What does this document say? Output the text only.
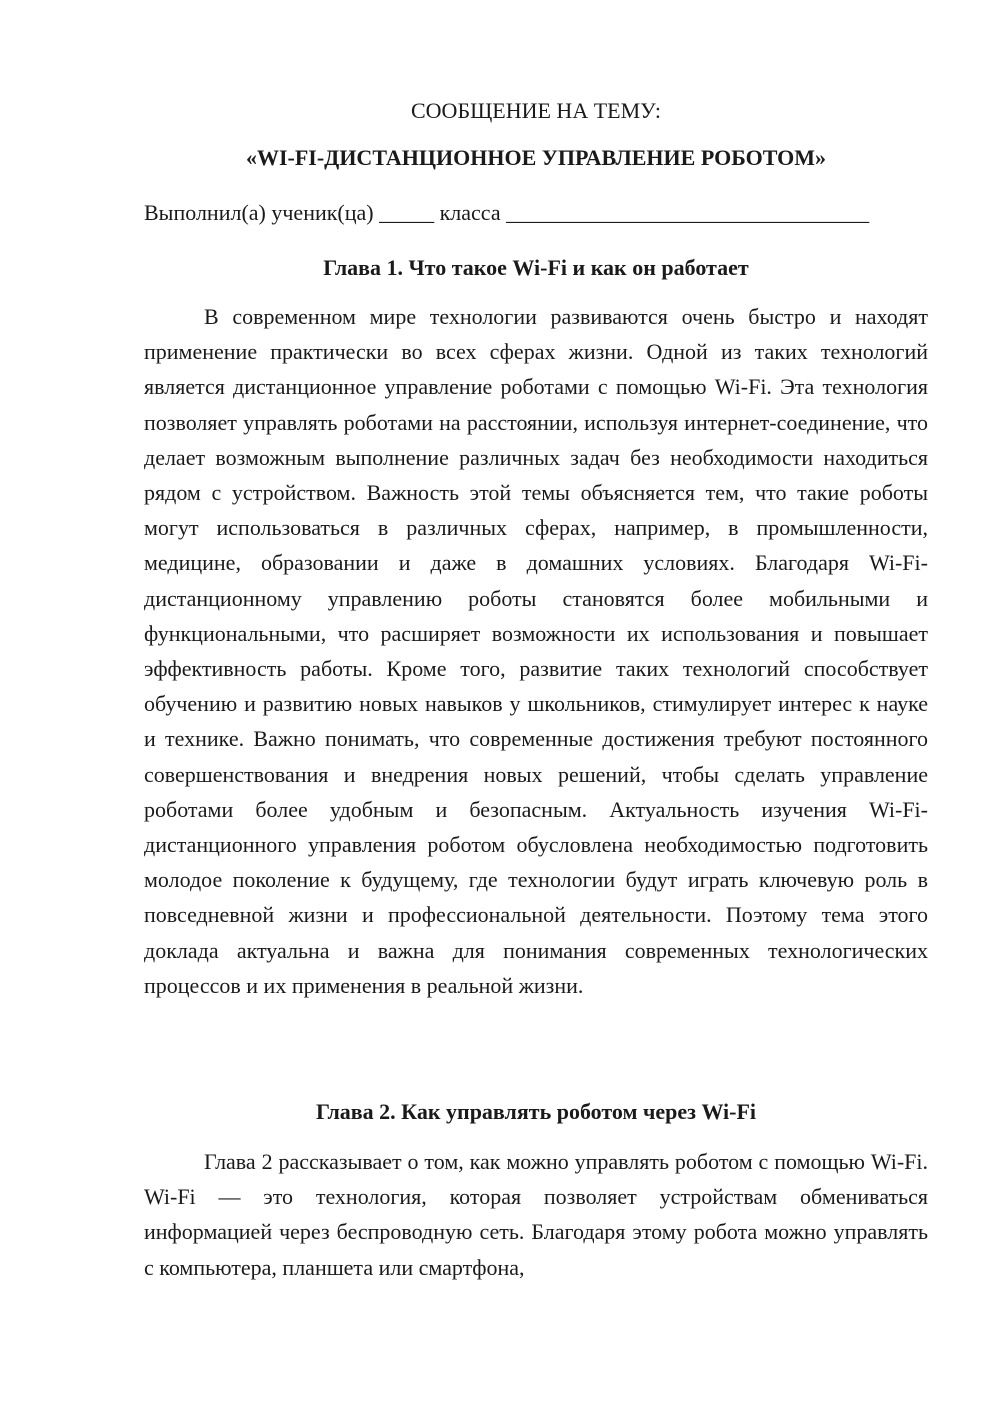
СООБЩЕНИЕ НА ТЕМУ:

«WI-FI-ДИСТАНЦИОННОЕ УПРАВЛЕНИЕ РОБОТОМ»

Выполнил(а) ученик(ца) _____ класса _________________________________

Глава 1. Что такое Wi-Fi и как он работает

В современном мире технологии развиваются очень быстро и находят применение практически во всех сферах жизни. Одной из таких технологий является дистанционное управление роботами с помощью Wi-Fi. Эта технология позволяет управлять роботами на расстоянии, используя интернет-соединение, что делает возможным выполнение различных задач без необходимости находиться рядом с устройством. Важность этой темы объясняется тем, что такие роботы могут использоваться в различных сферах, например, в промышленности, медицине, образовании и даже в домашних условиях. Благодаря Wi-Fi-дистанционному управлению роботы становятся более мобильными и функциональными, что расширяет возможности их использования и повышает эффективность работы. Кроме того, развитие таких технологий способствует обучению и развитию новых навыков у школьников, стимулирует интерес к науке и технике. Важно понимать, что современные достижения требуют постоянного совершенствования и внедрения новых решений, чтобы сделать управление роботами более удобным и безопасным. Актуальность изучения Wi-Fi-дистанционного управления роботом обусловлена необходимостью подготовить молодое поколение к будущему, где технологии будут играть ключевую роль в повседневной жизни и профессиональной деятельности. Поэтому тема этого доклада актуальна и важна для понимания современных технологических процессов и их применения в реальной жизни.

Глава 2. Как управлять роботом через Wi-Fi

Глава 2 рассказывает о том, как можно управлять роботом с помощью Wi-Fi. Wi-Fi — это технология, которая позволяет устройствам обмениваться информацией через беспроводную сеть. Благодаря этому робота можно управлять с компьютера, планшета или смартфона,
